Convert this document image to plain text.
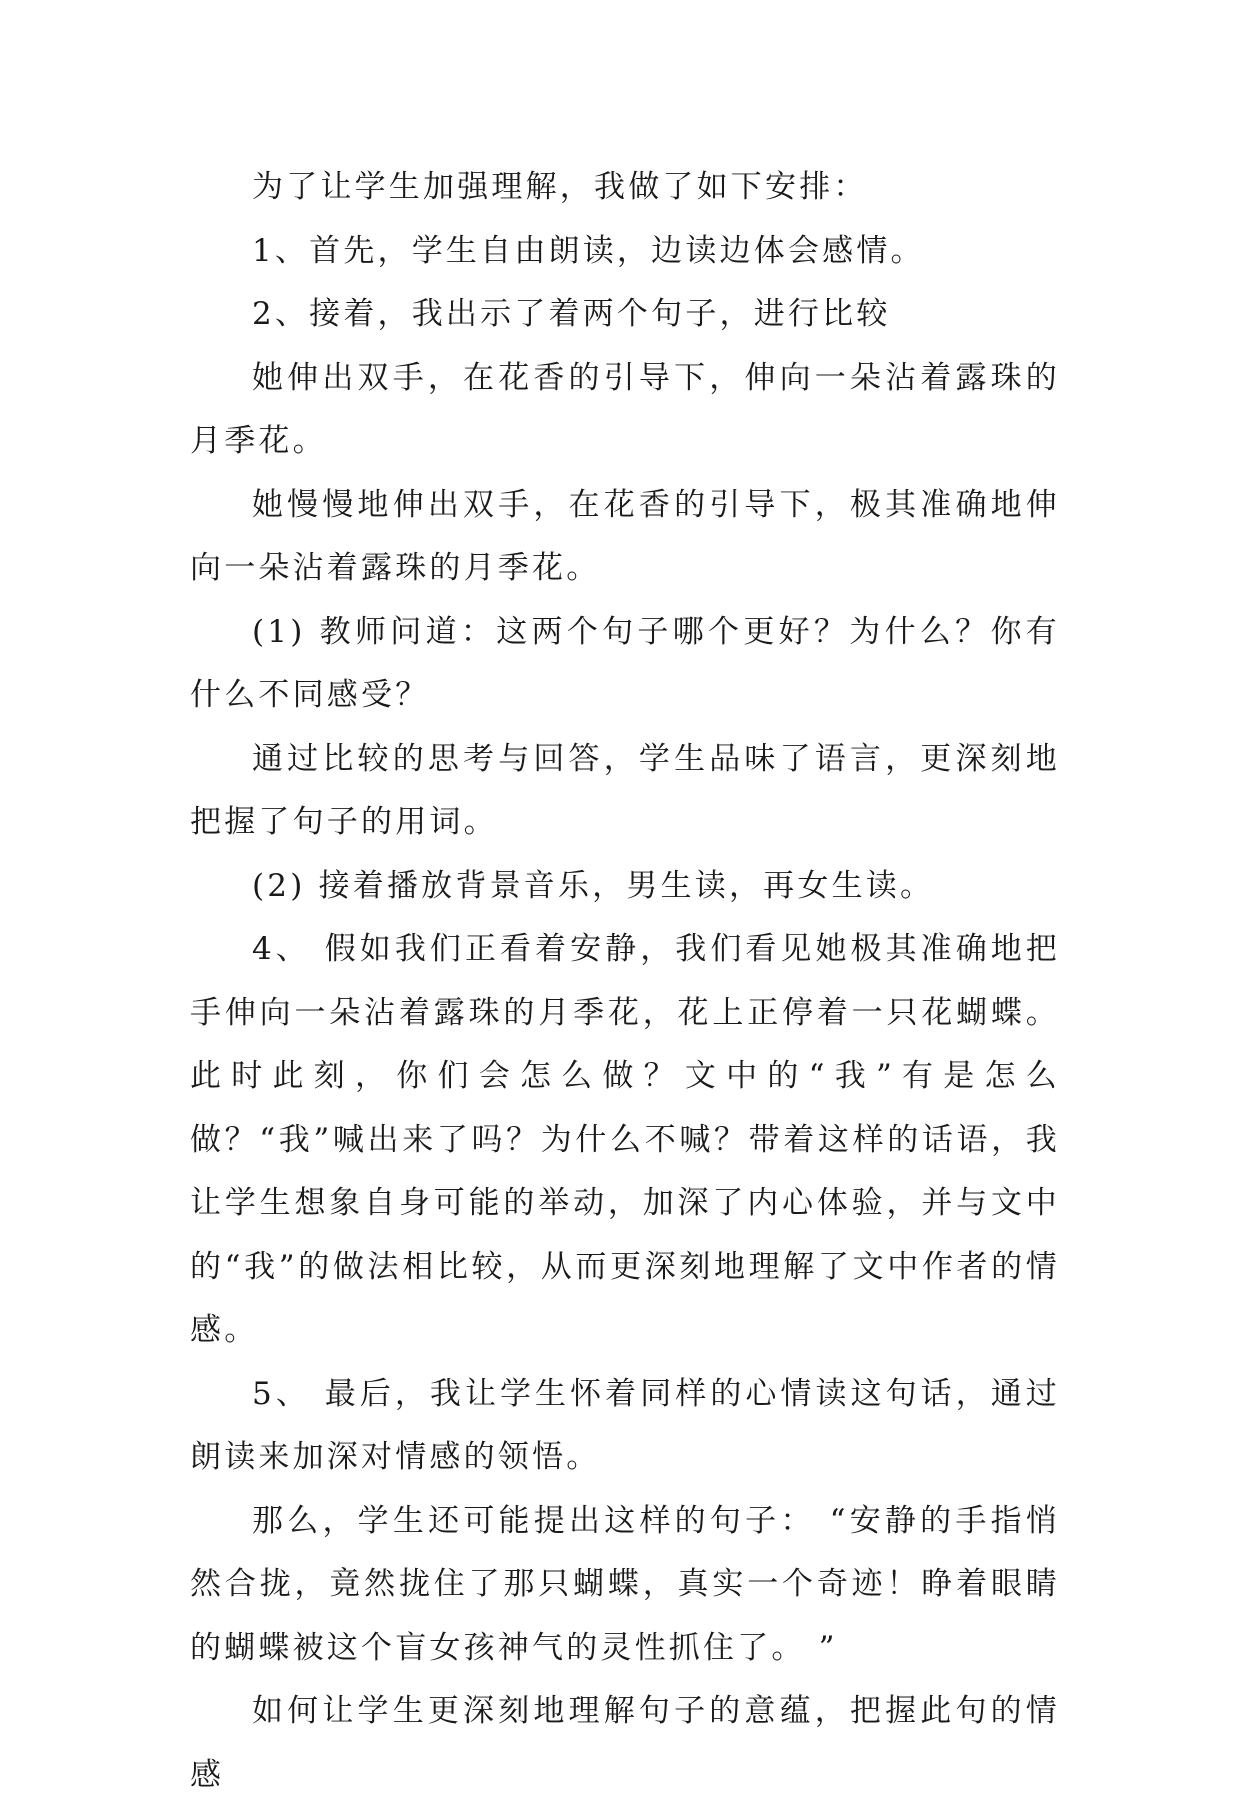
为了让学生加强理解，我做了如下安排：

1、首先，学生自由朗读，边读边体会感情。

2、接着，我出示了着两个句子，进行比较

她伸出双手，在花香的引导下，伸向一朵沾着露珠的月季花。

她慢慢地伸出双手，在花香的引导下，极其准确地伸向一朵沾着露珠的月季花。

(1) 教师问道：这两个句子哪个更好？为什么？你有什么不同感受？

通过比较的思考与回答，学生品味了语言，更深刻地把握了句子的用词。

(2) 接着播放背景音乐，男生读，再女生读。

4、 假如我们正看着安静，我们看见她极其准确地把手伸向一朵沾着露珠的月季花，花上正停着一只花蝴蝶。此时此刻，你们会怎么做？文中的“我”有是怎么做？“我”喊出来了吗？为什么不喊？带着这样的话语，我让学生想象自身可能的举动，加深了内心体验，并与文中的“我”的做法相比较，从而更深刻地理解了文中作者的情感。

5、 最后，我让学生怀着同样的心情读这句话，通过朗读来加深对情感的领悟。

那么，学生还可能提出这样的句子： “安静的手指悄然合拢，竟然拢住了那只蝴蝶，真实一个奇迹！睁着眼睛的蝴蝶被这个盲女孩神气的灵性抓住了。 ”

如何让学生更深刻地理解句子的意蕴，把握此句的情感
